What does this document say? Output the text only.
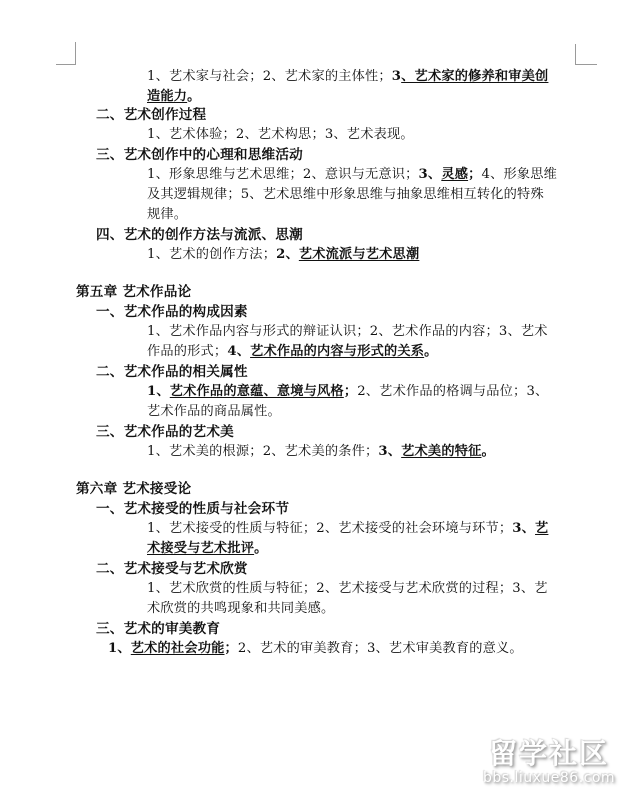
1、艺术家与社会；2、艺术家的主体性；3、艺术家的修养和审美创
造能力。
二、艺术创作过程
1、艺术体验；2、艺术构思；3、艺术表现。
三、艺术创作中的心理和思维活动
1、形象思维与艺术思维；2、意识与无意识；3、灵感；4、形象思维
及其逻辑规律；5、艺术思维中形象思维与抽象思维相互转化的特殊
规律。
四、艺术的创作方法与流派、思潮
1、艺术的创作方法；2、艺术流派与艺术思潮
第五章 艺术作品论
一、艺术作品的构成因素
1、艺术作品内容与形式的辩证认识；2、艺术作品的内容；3、艺术
作品的形式；4、艺术作品的内容与形式的关系。
二、艺术作品的相关属性
1、艺术作品的意蕴、意境与风格；2、艺术作品的格调与品位；3、
艺术作品的商品属性。
三、艺术作品的艺术美
1、艺术美的根源；2、艺术美的条件；3、艺术美的特征。
第六章 艺术接受论
一、艺术接受的性质与社会环节
1、艺术接受的性质与特征；2、艺术接受的社会环境与环节；3、艺
术接受与艺术批评。
二、艺术接受与艺术欣赏
1、艺术欣赏的性质与特征；2、艺术接受与艺术欣赏的过程；3、艺
术欣赏的共鸣现象和共同美感。
三、艺术的审美教育
1、艺术的社会功能；2、艺术的审美教育；3、艺术审美教育的意义。
留学社区
bbs.liuxue86.com
